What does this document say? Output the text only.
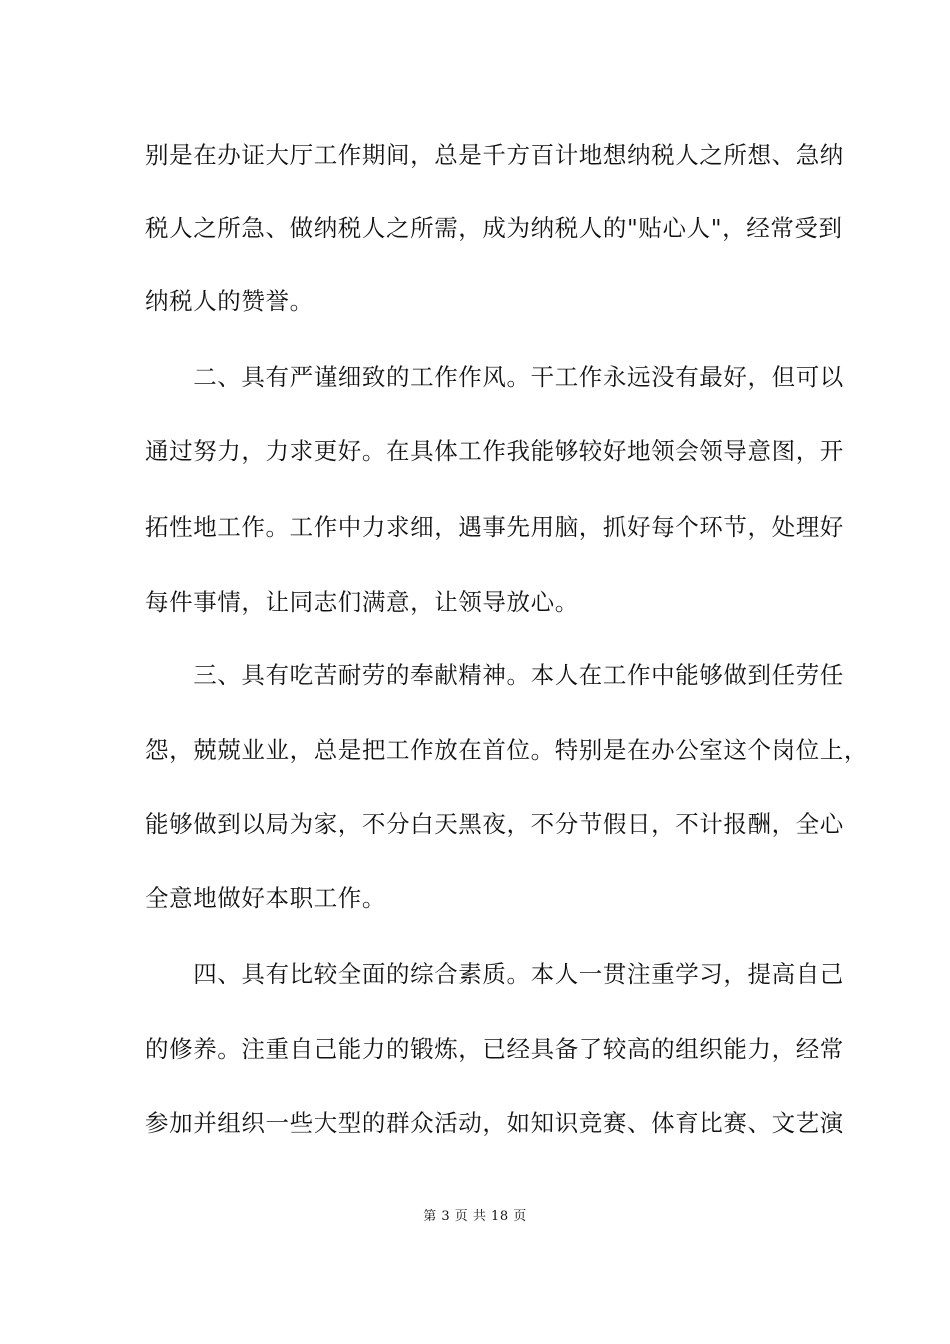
别是在办证大厅工作期间，总是千方百计地想纳税人之所想、急纳
税人之所急、做纳税人之所需，成为纳税人的"贴心人"，经常受到
纳税人的赞誉。
　　二、具有严谨细致的工作作风。干工作永远没有最好，但可以
通过努力，力求更好。在具体工作我能够较好地领会领导意图，开
拓性地工作。工作中力求细，遇事先用脑，抓好每个环节，处理好
每件事情，让同志们满意，让领导放心。
　　三、具有吃苦耐劳的奉献精神。本人在工作中能够做到任劳任
怨，兢兢业业，总是把工作放在首位。特别是在办公室这个岗位上，
能够做到以局为家，不分白天黑夜，不分节假日，不计报酬，全心
全意地做好本职工作。
　　四、具有比较全面的综合素质。本人一贯注重学习，提高自己
的修养。注重自己能力的锻炼，已经具备了较高的组织能力，经常
参加并组织一些大型的群众活动，如知识竞赛、体育比赛、文艺演
第 3 页 共 18 页
